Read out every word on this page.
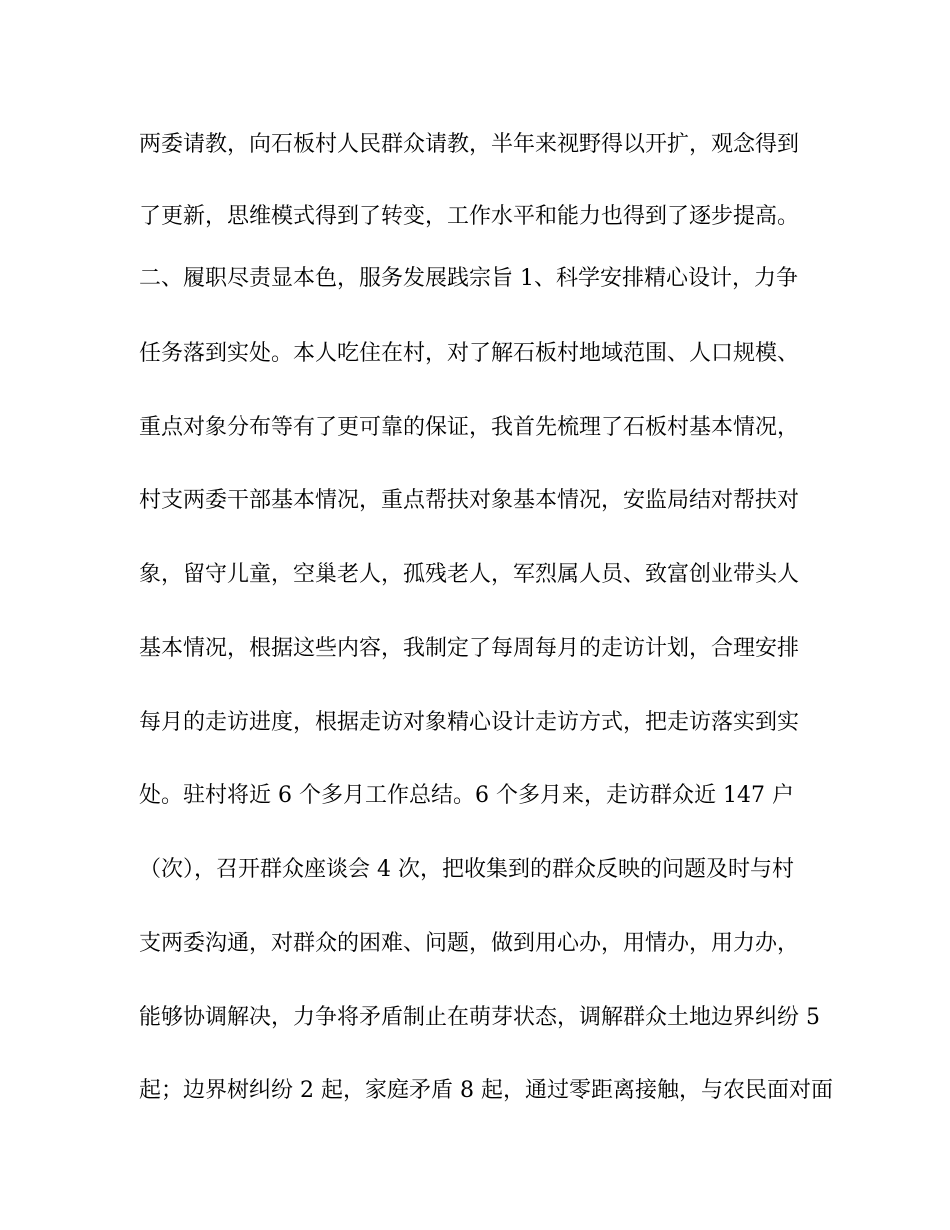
两委请教，向石板村人民群众请教，半年来视野得以开扩，观念得到
了更新，思维模式得到了转变，工作水平和能力也得到了逐步提高。
二、履职尽责显本色，服务发展践宗旨 1、科学安排精心设计，力争
任务落到实处。本人吃住在村，对了解石板村地域范围、人口规模、
重点对象分布等有了更可靠的保证，我首先梳理了石板村基本情况，
村支两委干部基本情况，重点帮扶对象基本情况，安监局结对帮扶对
象，留守儿童，空巢老人，孤残老人，军烈属人员、致富创业带头人
基本情况，根据这些内容，我制定了每周每月的走访计划，合理安排
每月的走访进度，根据走访对象精心设计走访方式，把走访落实到实
处。驻村将近 6 个多月工作总结。6 个多月来，走访群众近 147 户
（次），召开群众座谈会 4 次，把收集到的群众反映的问题及时与村
支两委沟通，对群众的困难、问题，做到用心办，用情办，用力办，
能够协调解决，力争将矛盾制止在萌芽状态，调解群众土地边界纠纷 5
起；边界树纠纷 2 起，家庭矛盾 8 起，通过零距离接触，与农民面对面
